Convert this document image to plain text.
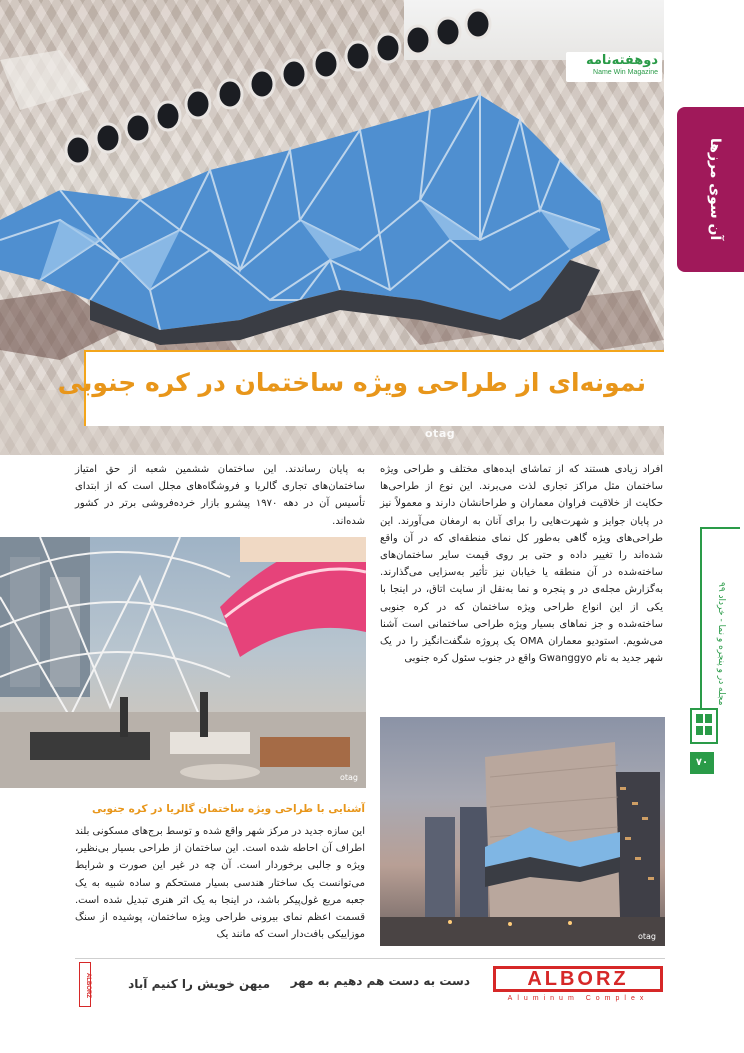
دوهفته‌نامه
Name Win Magazine
نمونه‌ای از طراحی ویژه ساختمان در کره جنوبی
otag
آن سوی مرزها
مجله در و پنجره و نما - خرداد ۹۹
۷۰
افراد زیادی هستند که از تماشای ایده‌های مختلف و طراحی ویژه ساختمان مثل مراکز تجاری لذت می‌برند. این نوع از طراحی‌ها حکایت از خلاقیت فراوان معماران و طراحانشان دارند و معمولاً نیز در پایان جوایز و شهرت‌هایی را برای آنان به ارمغان می‌آورند. این طراحی‌های ویژه گاهی به‌طور کل نمای منطقه‌ای که در آن واقع شده‌اند را تغییر داده و حتی بر روی قیمت سایر ساختمان‌های ساخته‌شده در آن منطقه یا خیابان نیز تأثیر به‌سزایی می‌گذارند. به‌گزارش مجله‌ی در و پنجره و نما به‌نقل از سایت اتاق، در اینجا با یکی از این انواع طراحی ویژه ساختمان که در کره جنوبی ساخته‌شده و جز نماهای بسیار ویژه طراحی ساختمانی است آشنا می‌شویم. استودیو معماران OMA یک پروژه شگفت‌انگیز را در یک شهر جدید به نام Gwanggyo واقع در جنوب سئول کره جنوبی
به پایان رساندند. این ساختمان ششمین شعبه از حق امتیاز ساختمان‌های تجاری گالریا و فروشگاه‌های مجلل است که از ابتدای تأسیس آن در دهه ۱۹۷۰ پیشرو بازار خرده‌فروشی برتر در کشور شده‌اند.
otag
آشنایی با طراحی ویژه ساختمان گالریا در کره جنوبی
این سازه جدید در مرکز شهر واقع شده و توسط برج‌های مسکونی بلند اطراف آن احاطه شده است. این ساختمان از طراحی بسیار بی‌نظیر، ویژه و جالبی برخوردار است. آن چه در غیر این صورت و شرایط می‌توانست یک ساختار هندسی بسیار مستحکم و ساده شبیه به یک جعبه مربع غول‌پیکر باشد، در اینجا به یک اثر هنری تبدیل شده است. قسمت اعظم نمای بیرونی طراحی ویژه ساختمان، پوشیده از سنگ موزاییکی بافت‌دار است که مانند یک	otag
ALBORZ
Aluminum Complex
دست به دست هم دهیم به مهر
میهن خویش را کنیم آباد
ALBORZ
